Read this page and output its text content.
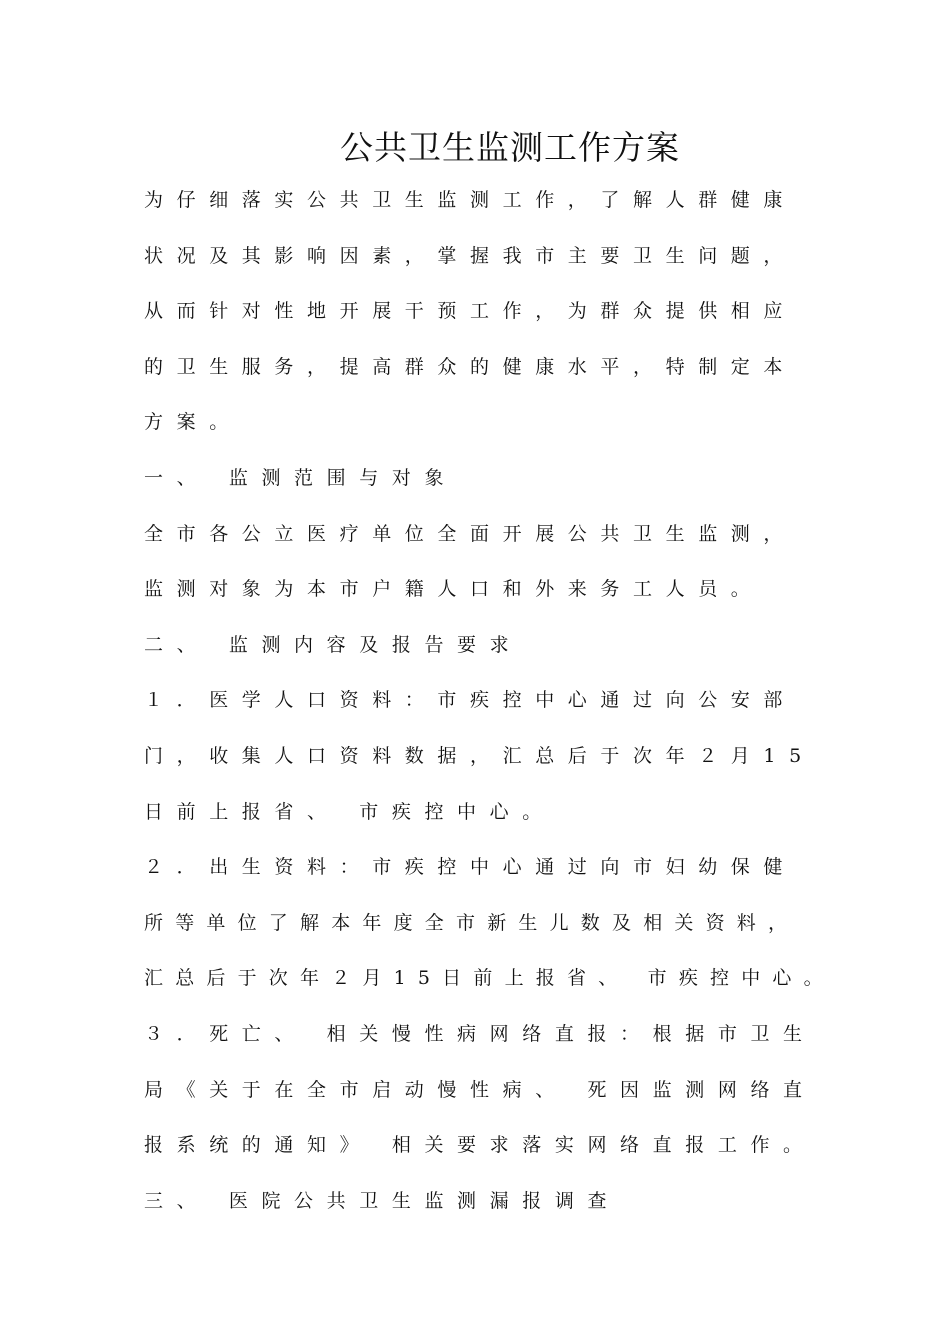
公共卫生监测工作方案
为仔细落实公共卫生监测工作，了解人群健康
状况及其影响因素，掌握我市主要卫生问题，
从而针对性地开展干预工作，为群众提供相应
的卫生服务，提高群众的健康水平，特制定本
方案。
一、 监测范围与对象
全市各公立医疗单位全面开展公共卫生监测，
监测对象为本市户籍人口和外来务工人员。
二、 监测内容及报告要求
１．医学人口资料：市疾控中心通过向公安部
门，收集人口资料数据，汇总后于次年２月15
日前上报省、 市疾控中心。
２．出生资料：市疾控中心通过向市妇幼保健
所等单位了解本年度全市新生儿数及相关资料，
汇总后于次年２月15日前上报省、 市疾控中心。
３．死亡、 相关慢性病网络直报：根据市卫生
局《关于在全市启动慢性病、 死因监测网络直
报系统的通知》 相关要求落实网络直报工作。
三、 医院公共卫生监测漏报调查
